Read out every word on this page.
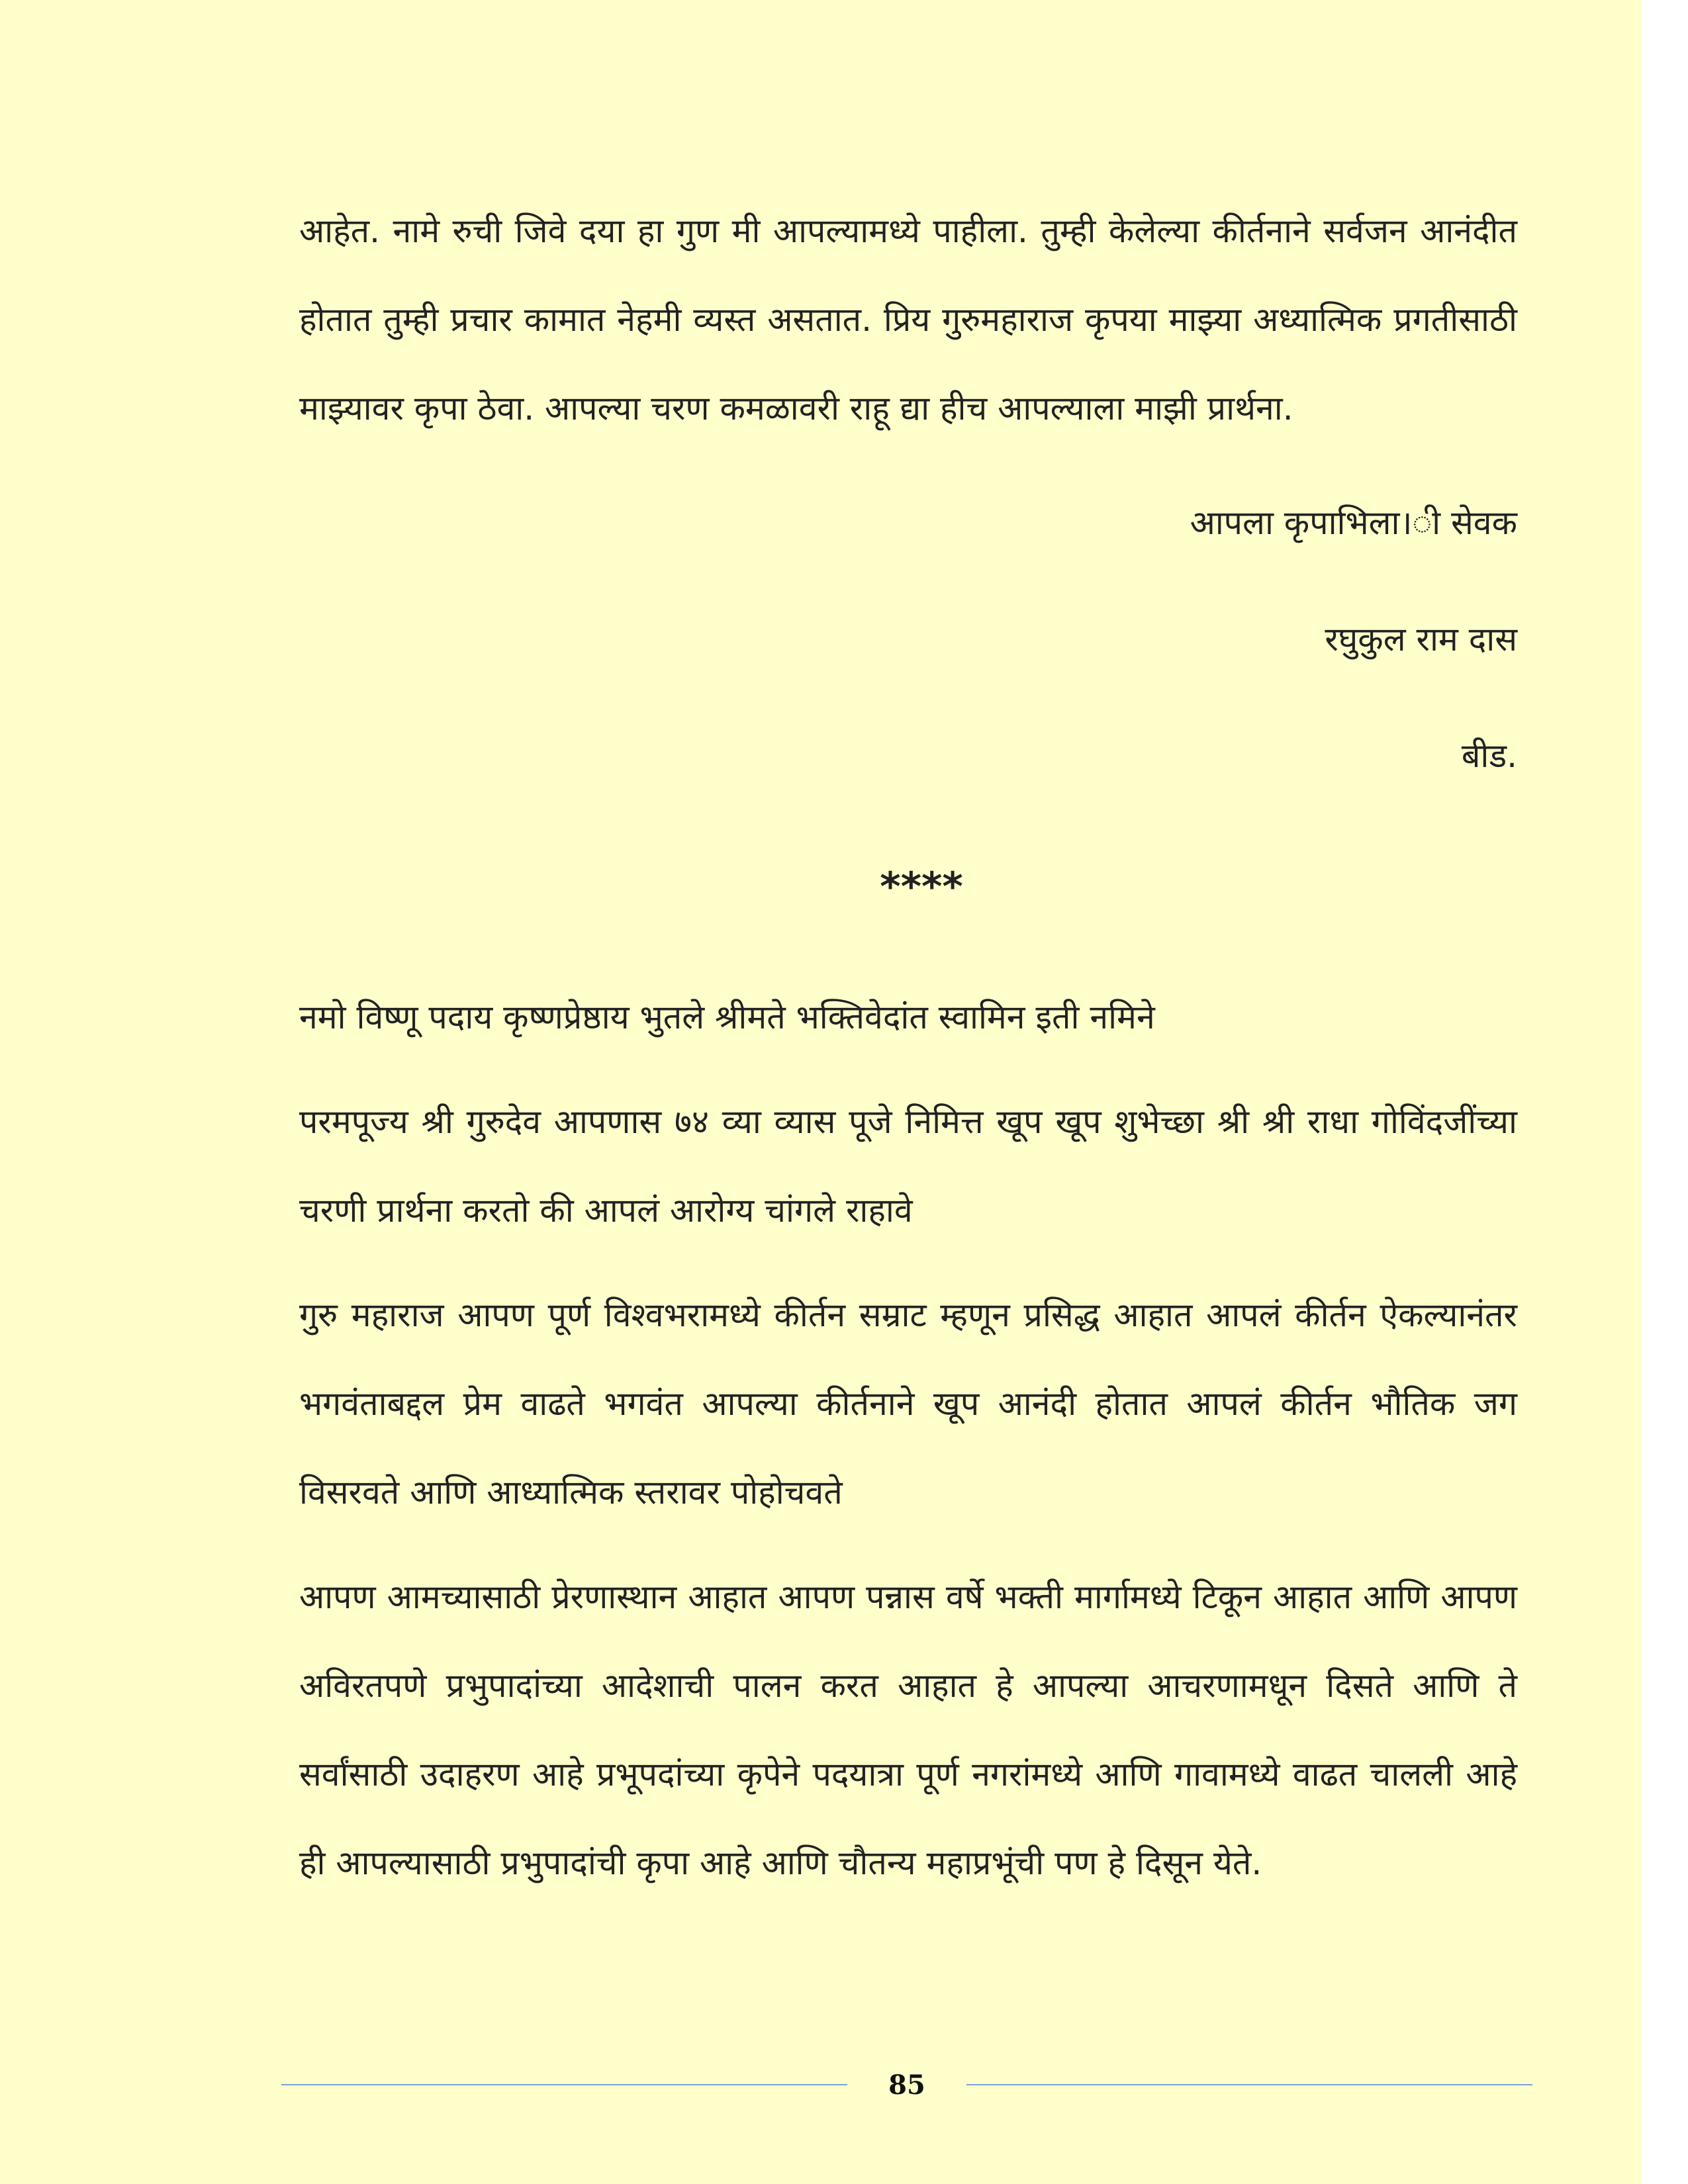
आहेत. नामे रुची जिवे दया हा गुण मी आपल्यामध्ये पाहीला. तुम्ही केलेल्या कीर्तनाने सर्वजन आनंदीत होतात तुम्ही प्रचार कामात नेहमी व्यस्त असतात. प्रिय गुरुमहाराज कृपया माझ्या अध्यात्मिक प्रगतीसाठी माझ्यावर कृपा ठेवा. आपल्या चरण कमळावरी राहू द्या हीच आपल्याला माझी प्रार्थना.

आपला कृपाभिला।ी सेवक

रघुकुल राम दास

बीड.

****

नमो विष्णू पदाय कृष्णप्रेष्ठाय भुतले श्रीमते भक्तिवेदांत स्वामिन इती नमिने

परमपूज्य श्री गुरुदेव आपणास ७४ व्या व्यास पूजे निमित्त खूप खूप शुभेच्छा श्री श्री राधा गोविंदजींच्या चरणी प्रार्थना करतो की आपलं आरोग्य चांगले राहावे

गुरु महाराज आपण पूर्ण विश्वभरामध्ये कीर्तन सम्राट म्हणून प्रसिद्ध आहात आपलं कीर्तन ऐकल्यानंतर भगवंताबद्दल प्रेम वाढते भगवंत आपल्या कीर्तनाने खूप आनंदी होतात आपलं कीर्तन भौतिक जग विसरवते आणि आध्यात्मिक स्तरावर पोहोचवते

आपण आमच्यासाठी प्रेरणास्थान आहात आपण पन्नास वर्षे भक्ती मार्गामध्ये टिकून आहात आणि आपण अविरतपणे प्रभुपादांच्या आदेशाची पालन करत आहात हे आपल्या आचरणामधून दिसते आणि ते सर्वांसाठी उदाहरण आहे प्रभूपदांच्या कृपेने पदयात्रा पूर्ण नगरांमध्ये आणि गावामध्ये वाढत चालली आहे ही आपल्यासाठी प्रभुपादांची कृपा आहे आणि चौतन्य महाप्रभूंची पण हे दिसून येते.

85
